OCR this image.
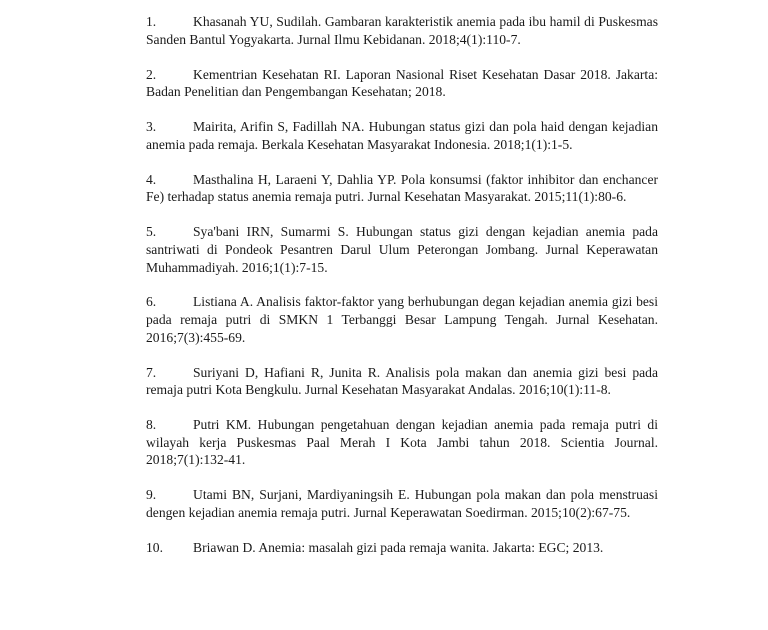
1.	Khasanah YU, Sudilah. Gambaran karakteristik anemia pada ibu hamil di Puskesmas Sanden Bantul Yogyakarta. Jurnal Ilmu Kebidanan. 2018;4(1):110-7.

2.	Kementrian Kesehatan RI. Laporan Nasional Riset Kesehatan Dasar 2018. Jakarta: Badan Penelitian dan Pengembangan Kesehatan; 2018.

3.	Mairita, Arifin S, Fadillah NA. Hubungan status gizi dan pola haid dengan kejadian anemia pada remaja. Berkala Kesehatan Masyarakat Indonesia. 2018;1(1):1-5.

4.	Masthalina H, Laraeni Y, Dahlia YP. Pola konsumsi (faktor inhibitor dan enchancer Fe) terhadap status anemia remaja putri. Jurnal Kesehatan Masyarakat. 2015;11(1):80-6.

5.	Sya'bani IRN, Sumarmi S. Hubungan status gizi dengan kejadian anemia pada santriwati di Pondeok Pesantren Darul Ulum Peterongan Jombang. Jurnal Keperawatan Muhammadiyah. 2016;1(1):7-15.

6.	Listiana A. Analisis faktor-faktor yang berhubungan degan kejadian anemia gizi besi pada remaja putri di SMKN 1 Terbanggi Besar Lampung Tengah. Jurnal Kesehatan. 2016;7(3):455-69.

7.	Suriyani D, Hafiani R, Junita R. Analisis pola makan dan anemia gizi besi pada remaja putri Kota Bengkulu. Jurnal Kesehatan Masyarakat Andalas. 2016;10(1):11-8.

8.	Putri KM. Hubungan pengetahuan dengan kejadian anemia pada remaja putri di wilayah kerja Puskesmas Paal Merah I Kota Jambi tahun 2018. Scientia Journal. 2018;7(1):132-41.

9.	Utami BN, Surjani, Mardiyaningsih E. Hubungan pola makan dan pola menstruasi dengen kejadian anemia remaja putri. Jurnal Keperawatan Soedirman. 2015;10(2):67-75.

10. Briawan D. Anemia: masalah gizi pada remaja wanita. Jakarta: EGC; 2013.
